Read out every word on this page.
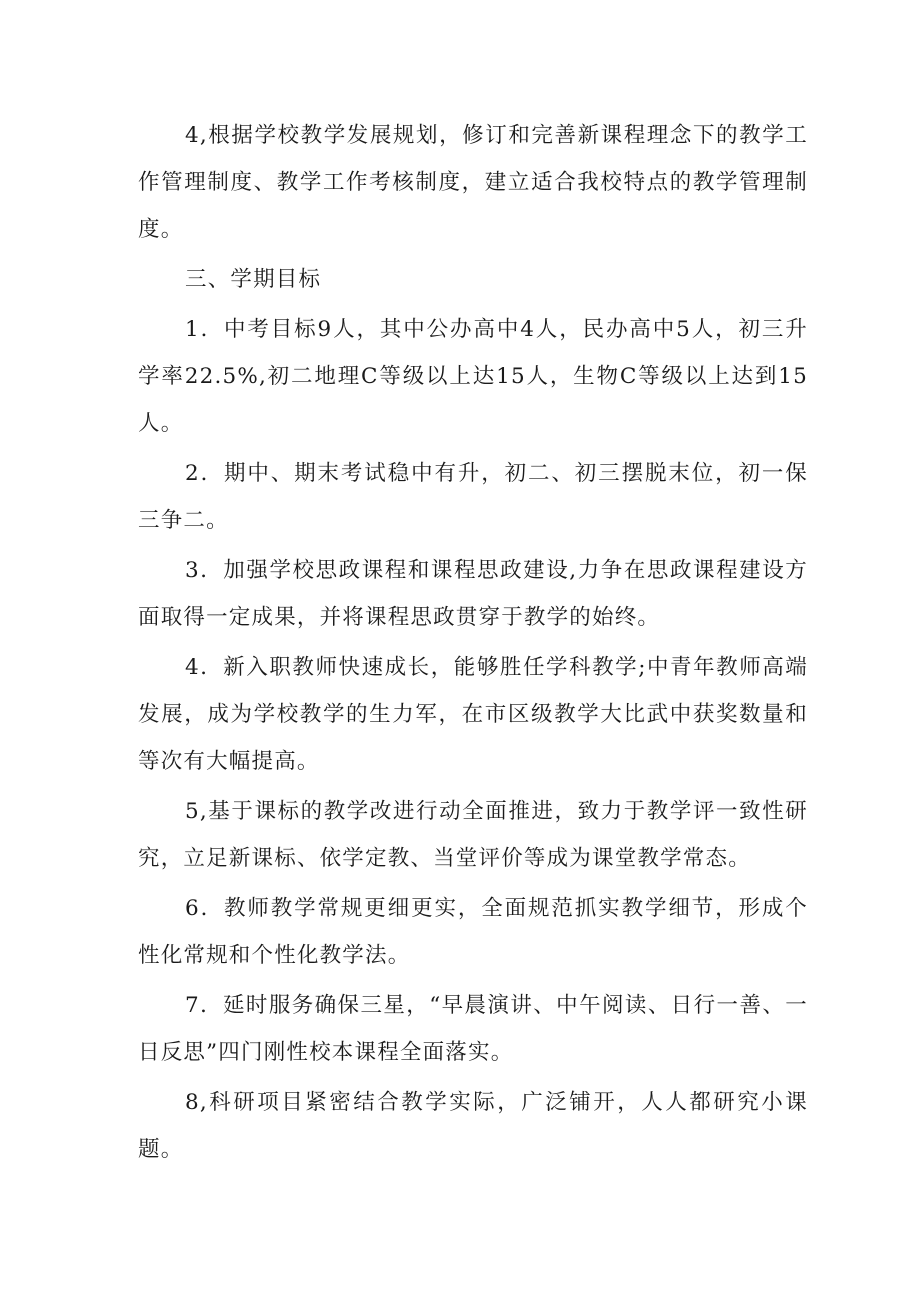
4,根据学校教学发展规划，修订和完善新课程理念下的教学工作管理制度、教学工作考核制度，建立适合我校特点的教学管理制度。

三、学期目标

1．中考目标9人，其中公办高中4人，民办高中5人，初三升学率22.5%,初二地理C等级以上达15人，生物C等级以上达到15人。

2．期中、期末考试稳中有升，初二、初三摆脱末位，初一保三争二。

3．加强学校思政课程和课程思政建设,力争在思政课程建设方面取得一定成果，并将课程思政贯穿于教学的始终。

4．新入职教师快速成长，能够胜任学科教学;中青年教师高端发展，成为学校教学的生力军，在市区级教学大比武中获奖数量和等次有大幅提高。

5,基于课标的教学改进行动全面推进，致力于教学评一致性研究，立足新课标、依学定教、当堂评价等成为课堂教学常态。

6．教师教学常规更细更实，全面规范抓实教学细节，形成个性化常规和个性化教学法。

7．延时服务确保三星，“早晨演讲、中午阅读、日行一善、一日反思”四门刚性校本课程全面落实。

8,科研项目紧密结合教学实际，广泛铺开，人人都研究小课题。
